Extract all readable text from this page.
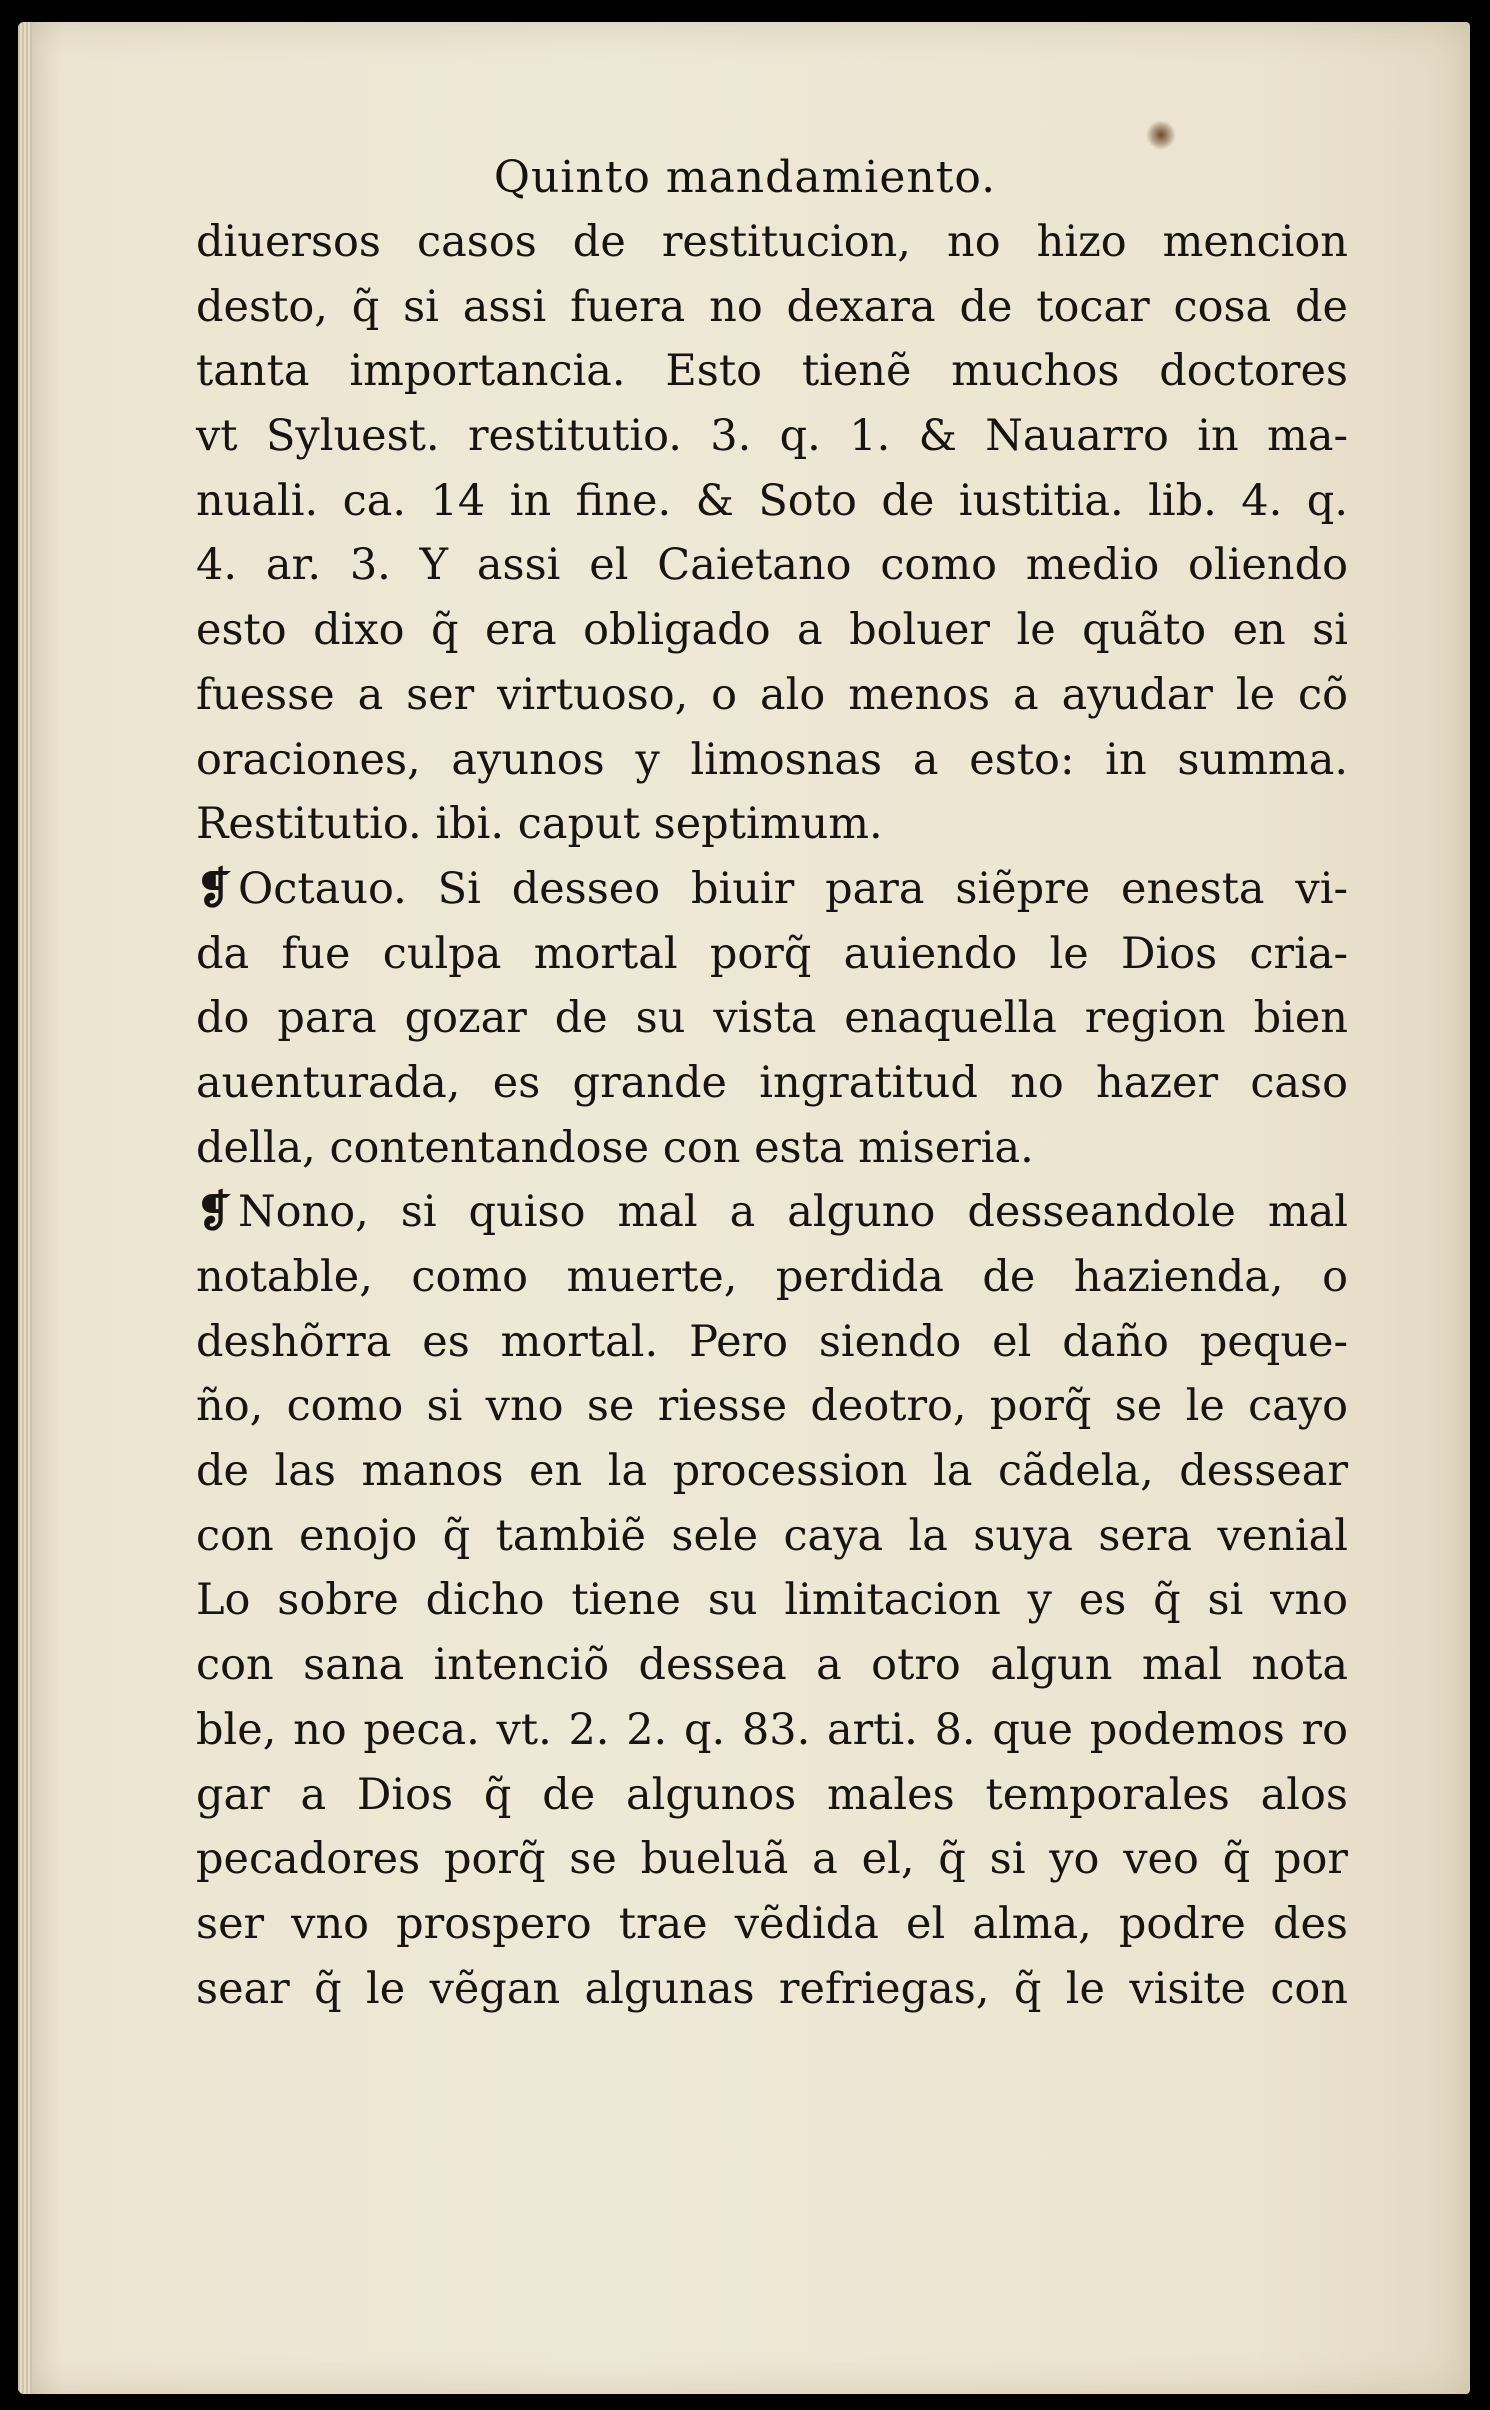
Quinto mandamiento.
diuersos casos de restitucion, no hizo mencion
desto, q̃ si assi fuera no dexara de tocar cosa de
tanta importancia. Esto tienẽ muchos doctores
vt Syluest. restitutio. 3. q. 1. & Nauarro in ma-
nuali. ca. 14 in fine. & Soto de iustitia. lib. 4. q.
4. ar. 3. Y assi el Caietano como medio oliendo
esto dixo q̃ era obligado a boluer le quãto en si
fuesse a ser virtuoso, o alo menos a ayudar le cõ
oraciones, ayunos y limosnas a esto: in summa.
Restitutio. ibi. caput septimum.
❡ Octauo. Si desseo biuir para siẽpre enesta vi-
da fue culpa mortal porq̃ auiendo le Dios cria-
do para gozar de su vista enaquella region bien
auenturada, es grande ingratitud no hazer caso
della, contentandose con esta miseria.
❡ Nono, si quiso mal a alguno desseandole mal
notable, como muerte, perdida de hazienda, o
deshõrra es mortal. Pero siendo el daño peque-
ño, como si vno se riesse deotro, porq̃ se le cayo
de las manos en la procession la cãdela, dessear
con enojo q̃ tambiẽ sele caya la suya sera venial
Lo sobre dicho tiene su limitacion y es q̃ si vno
con sana intenciõ dessea a otro algun mal nota
ble, no peca. vt. 2. 2. q. 83. arti. 8. que podemos ro
gar a Dios q̃ de algunos males temporales alos
pecadores porq̃ se bueluã a el, q̃ si yo veo q̃ por
ser vno prospero trae vẽdida el alma, podre des
sear q̃ le vẽgan algunas refriegas, q̃ le visite con
